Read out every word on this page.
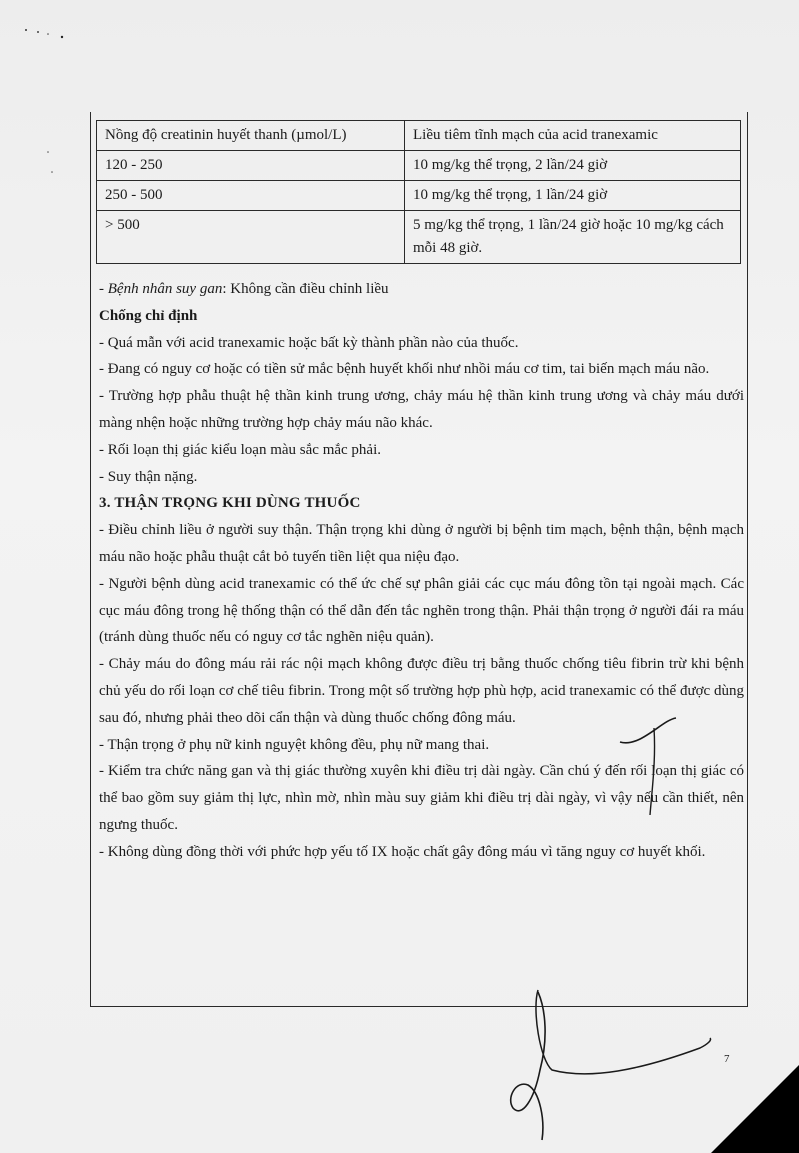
Nồng độ creatinin huyết thanh (µmol/L)	Liều tiêm tĩnh mạch của acid tranexamic
120 - 250	10 mg/kg thể trọng, 2 lần/24 giờ
250 - 500	10 mg/kg thể trọng, 1 lần/24 giờ
> 500	5 mg/kg thể trọng, 1 lần/24 giờ hoặc 10 mg/kg cách mỗi 48 giờ.

- Bệnh nhân suy gan: Không cần điều chỉnh liều

Chống chỉ định

- Quá mẫn với acid tranexamic hoặc bất kỳ thành phần nào của thuốc.

- Đang có nguy cơ hoặc có tiền sử mắc bệnh huyết khối như nhồi máu cơ tim, tai biến mạch máu não.

- Trường hợp phẫu thuật hệ thần kinh trung ương, chảy máu hệ thần kinh trung ương và chảy máu dưới màng nhện hoặc những trường hợp chảy máu não khác.

- Rối loạn thị giác kiểu loạn màu sắc mắc phải.

- Suy thận nặng.

3. THẬN TRỌNG KHI DÙNG THUỐC

- Điều chỉnh liều ở người suy thận. Thận trọng khi dùng ở người bị bệnh tim mạch, bệnh thận, bệnh mạch máu não hoặc phẫu thuật cắt bỏ tuyến tiền liệt qua niệu đạo.

- Người bệnh dùng acid tranexamic có thể ức chế sự phân giải các cục máu đông tồn tại ngoài mạch. Các cục máu đông trong hệ thống thận có thể dẫn đến tắc nghẽn trong thận. Phải thận trọng ở người đái ra máu (tránh dùng thuốc nếu có nguy cơ tắc nghẽn niệu quản).

- Chảy máu do đông máu rải rác nội mạch không được điều trị bằng thuốc chống tiêu fibrin trừ khi bệnh chủ yếu do rối loạn cơ chế tiêu fibrin. Trong một số trường hợp phù hợp, acid tranexamic có thể được dùng sau đó, nhưng phải theo dõi cẩn thận và dùng thuốc chống đông máu.

- Thận trọng ở phụ nữ kinh nguyệt không đều, phụ nữ mang thai.

- Kiểm tra chức năng gan và thị giác thường xuyên khi điều trị dài ngày. Cần chú ý đến rối loạn thị giác có thể bao gồm suy giảm thị lực, nhìn mờ, nhìn màu suy giảm khi điều trị dài ngày, vì vậy nếu cần thiết, nên ngưng thuốc.

- Không dùng đồng thời với phức hợp yếu tố IX hoặc chất gây đông máu vì tăng nguy cơ huyết khối.

7
